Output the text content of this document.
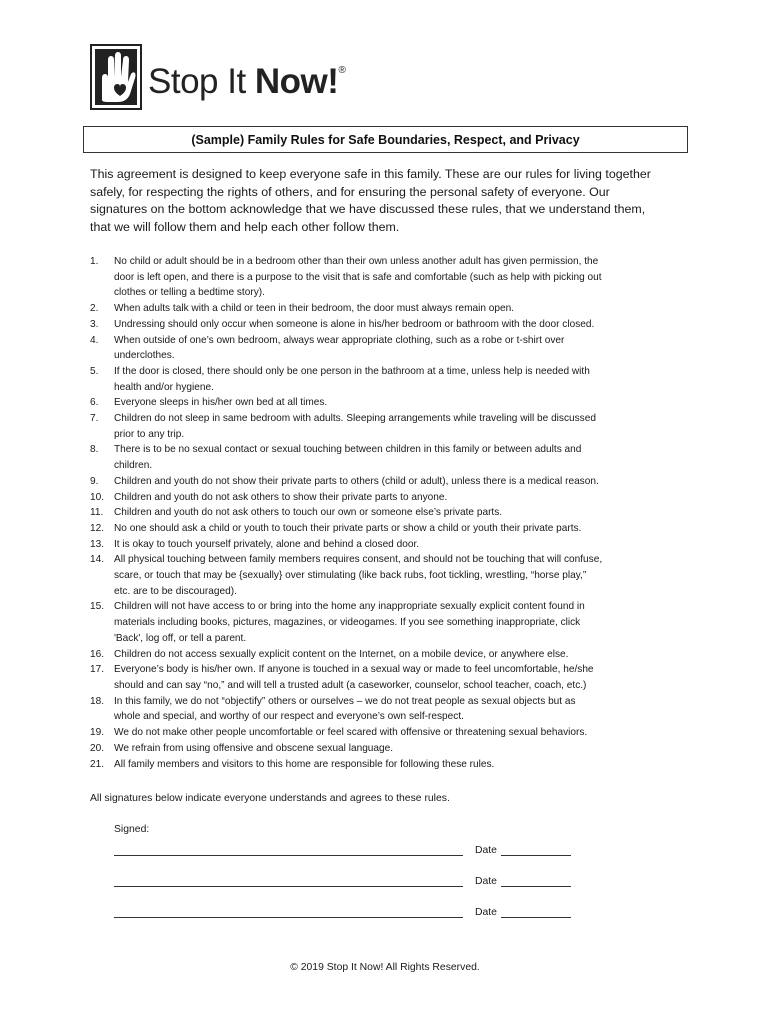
Stop It Now!®
(Sample) Family Rules for Safe Boundaries, Respect, and Privacy
This agreement is designed to keep everyone safe in this family. These are our rules for living together
safely, for respecting the rights of others, and for ensuring the personal safety of everyone. Our
signatures on the bottom acknowledge that we have discussed these rules, that we understand them,
that we will follow them and help each other follow them.
1.	No child or adult should be in a bedroom other than their own unless another adult has given permission, the
door is left open, and there is a purpose to the visit that is safe and comfortable (such as help with picking out
clothes or telling a bedtime story).
2.	When adults talk with a child or teen in their bedroom, the door must always remain open.
3.	Undressing should only occur when someone is alone in his/her bedroom or bathroom with the door closed.
4.	When outside of one’s own bedroom, always wear appropriate clothing, such as a robe or t-shirt over
underclothes.
5.	If the door is closed, there should only be one person in the bathroom at a time, unless help is needed with
health and/or hygiene.
6.	Everyone sleeps in his/her own bed at all times.
7.	Children do not sleep in same bedroom with adults. Sleeping arrangements while traveling will be discussed
prior to any trip.
8.	There is to be no sexual contact or sexual touching between children in this family or between adults and
children.
9.	Children and youth do not show their private parts to others (child or adult), unless there is a medical reason.
10. Children and youth do not ask others to show their private parts to anyone.
11.	Children and youth do not ask others to touch our own or someone else’s private parts.
12. No one should ask a child or youth to touch their private parts or show a child or youth their private parts.
13. It is okay to touch yourself privately, alone and behind a closed door.
14. All physical touching between family members requires consent, and should not be touching that will confuse,
scare, or touch that may be {sexually} over stimulating (like back rubs, foot tickling, wrestling, “horse play,”
etc. are to be discouraged).
15. Children will not have access to or bring into the home any inappropriate sexually explicit content found in
materials including books, pictures, magazines, or videogames. If you see something inappropriate, click
'Back', log off, or tell a parent.
16. Children do not access sexually explicit content on the Internet, on a mobile device, or anywhere else.
17. Everyone’s body is his/her own. If anyone is touched in a sexual way or made to feel uncomfortable, he/she
should and can say “no,” and will tell a trusted adult (a caseworker, counselor, school teacher, coach, etc.)
18. In this family, we do not “objectify” others or ourselves – we do not treat people as sexual objects but as
whole and special, and worthy of our respect and everyone’s own self-respect.
19. We do not make other people uncomfortable or feel scared with offensive or threatening sexual behaviors.
20. We refrain from using offensive and obscene sexual language.
21. All family members and visitors to this home are responsible for following these rules.
All signatures below indicate everyone understands and agrees to these rules.
Signed:
Date
Date
Date
© 2019 Stop It Now! All Rights Reserved.
